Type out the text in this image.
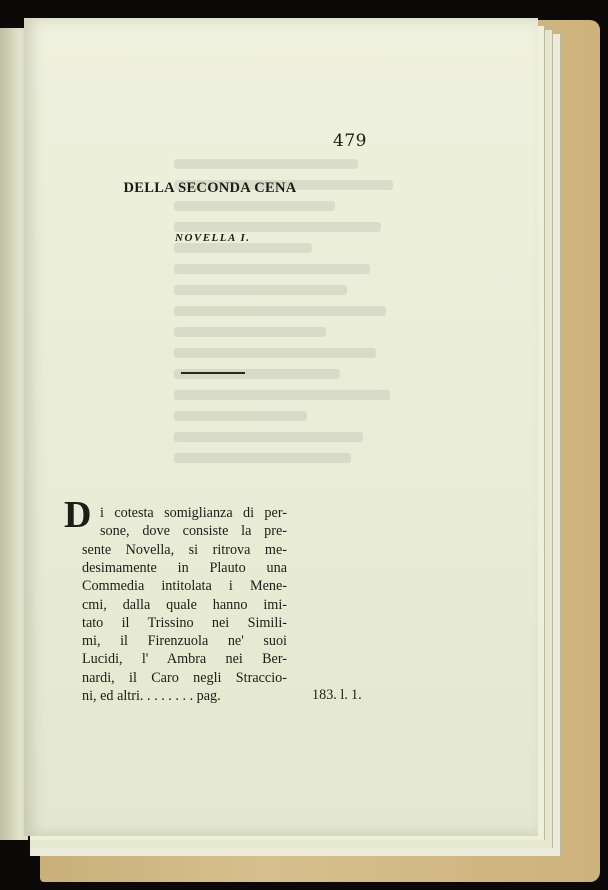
479
DELLA SECONDA CENA
NOVELLA I.
D i cotesta somiglianza di per-
sone, dove consiste la pre-
sente Novella, si ritrova me-
desimamente in Plauto una
Commedia intitolata i Mene-
cmi, dalla quale hanno imi-
tato il Trissino nei Simili-
mi, il Firenzuola ne' suoi
Lucidi, l' Ambra nei Ber-
nardi, il Caro negli Straccio-
ni, ed altri. . . . . . . . pag.	183. l. 1.
